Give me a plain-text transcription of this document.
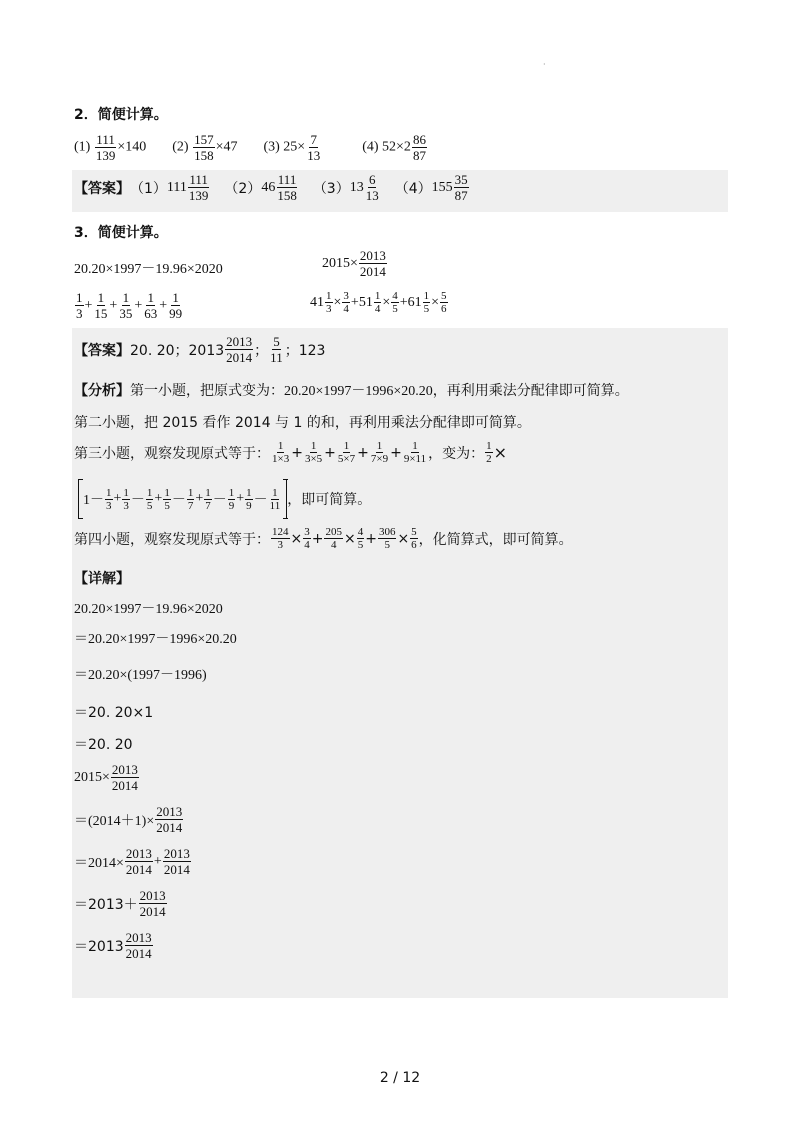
·
2．简便计算。
$(1) \frac{111}{139} \times 140$ $(2) \frac{157}{158} \times 47$ (3) $25\times \frac{7}{13}$	(4) $52\times 2 \frac{86}{87}$
【答案】 （1） $111 \frac{111}{139} (2)$ $46 \frac{111}{158} (3)$ $13 \frac{6}{13} (4)$ $155 \frac{35}{87}$
3．简便计算。
20.20×1997－19.96×2020	$2015\times \frac{2013}{2014}$
$\frac{1}{3} + \frac{1}{15} + \frac{1}{35} + \frac{1}{63} + \frac{1}{99}$	$41 \frac{1}{3} \times \frac{3}{4} + 51 \frac{1}{4} \times \frac{4}{5} + 61 \frac{1}{5} \times \frac{5}{6}$
【答案】 20. 20；$2013 \frac{2013}{2014}$ ； $\frac{5}{11}$ ；123
【分析】 第一小题，把原式变为： 20.20×1997－1996×20.20 ，再利用乘法分配律即可简算。
第二小题，把 2015 看作 2014 与 1 的和，再利用乘法分配律即可简算。
第三小题，观察发现原式等于： $\frac{1}{1\times 3} + \frac{1}{3\times 5} + \frac{1}{5\times 7} + \frac{1}{7\times 9} + \frac{1}{9\times 11}$ ，变为： $\frac{1}{2}$ ×
$1- \frac{1}{3} + \frac{1}{3} - \frac{1}{5} + \frac{1}{5} - \frac{1}{7} + \frac{1}{7} - \frac{1}{9} + \frac{1}{9} - \frac{1}{11}$ ，即可简算。
第四小题，观察发现原式等于： $\frac{124}{3} \times \frac{3}{4} + \frac{205}{4} \times \frac{4}{5} + \frac{306}{5} \times \frac{5}{6}$ ，化简算式，即可简算。
【详解】
20.20×1997－19.96×2020
＝20.20×1997－1996×20.20
＝20.20×(1997－1996)
＝20. 20×1
＝20. 20
$2015\times \frac{2013}{2014}$
$=(2014+1)\times \frac{2013}{2014}$
$=2014\times \frac{2013}{2014} + \frac{2013}{2014}$
$=2013+ \frac{2013}{2014}$
$=2013 \frac{2013}{2014}$
2 / 12
